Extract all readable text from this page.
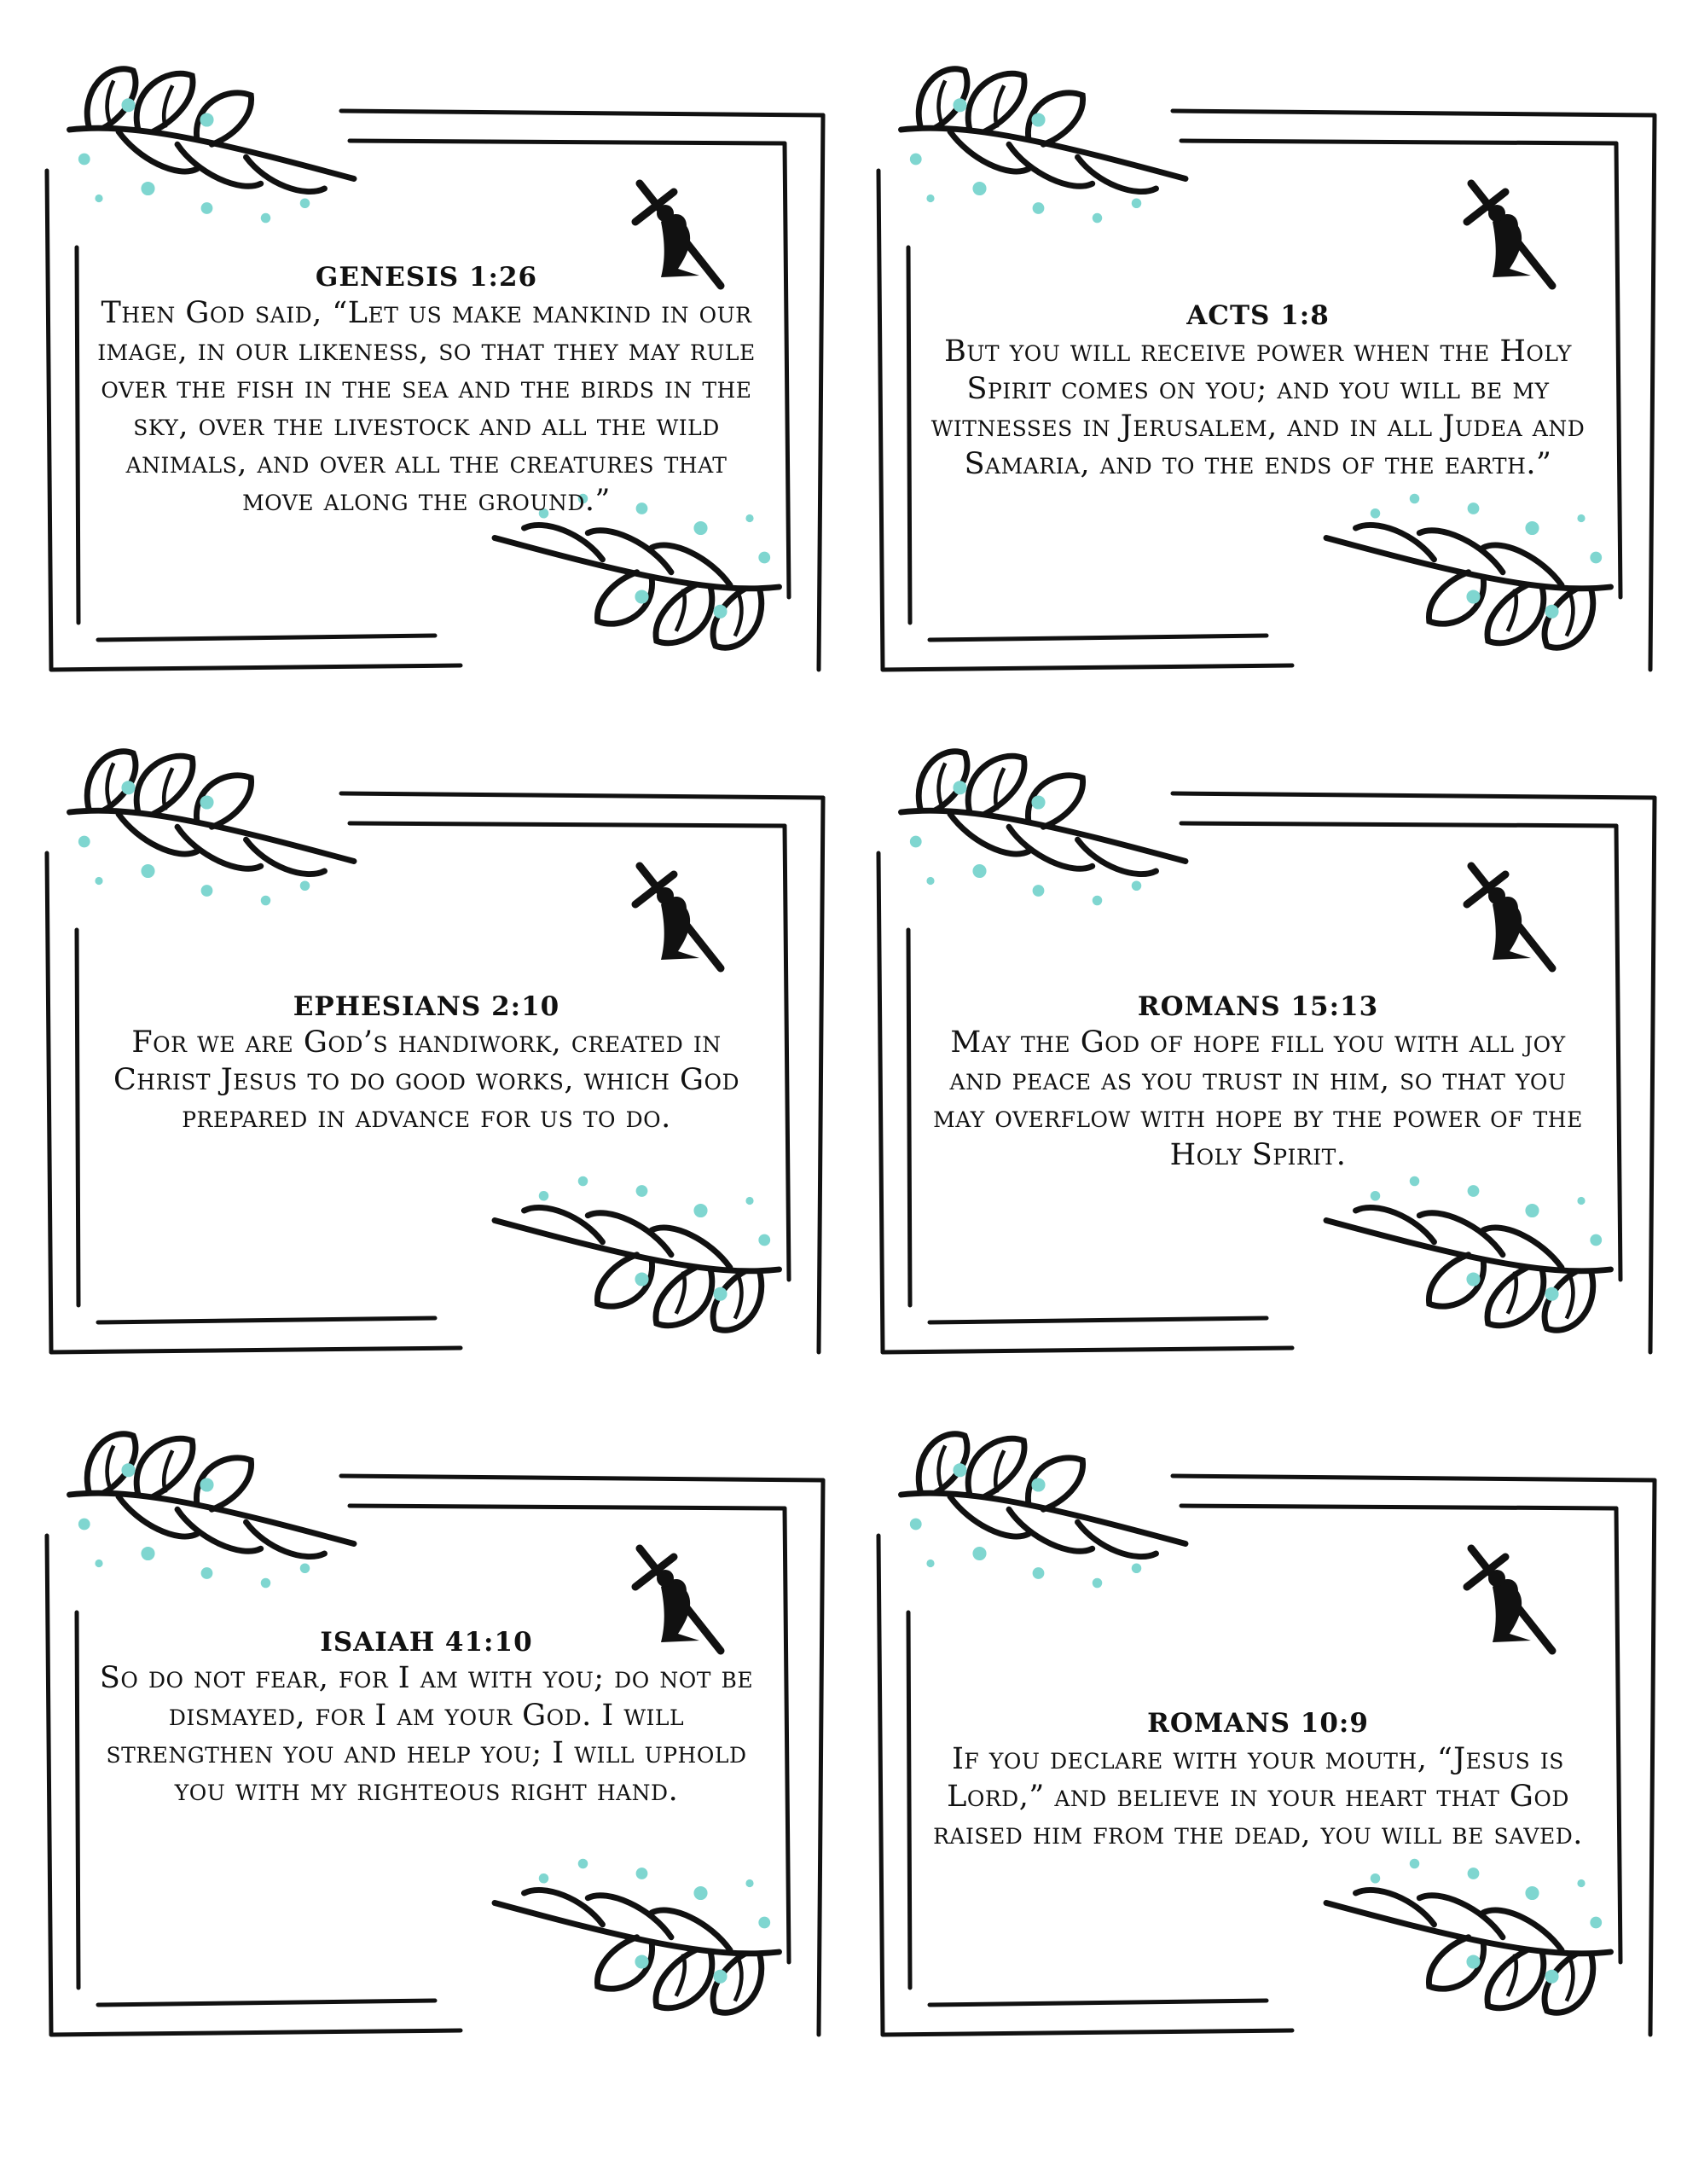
GENESIS 1:26
Then God said, “Let us make mankind in our image, in our likeness, so that they may rule over the fish in the sea and the birds in the sky, over the livestock and all the wild animals, and over all the creatures that move along the ground.”
ACTS 1:8
But you will receive power when the Holy Spirit comes on you; and you will be my witnesses in Jerusalem, and in all Judea and Samaria, and to the ends of the earth.”
EPHESIANS 2:10
For we are God’s handiwork, created in Christ Jesus to do good works, which God prepared in advance for us to do.
ROMANS 15:13
May the God of hope fill you with all joy and peace as you trust in him, so that you may overflow with hope by the power of the Holy Spirit.
ISAIAH 41:10
So do not fear, for I am with you; do not be dismayed, for I am your God. I will strengthen you and help you; I will uphold you with my righteous right hand.
ROMANS 10:9
If you declare with your mouth, “Jesus is Lord,” and believe in your heart that God raised him from the dead, you will be saved.
